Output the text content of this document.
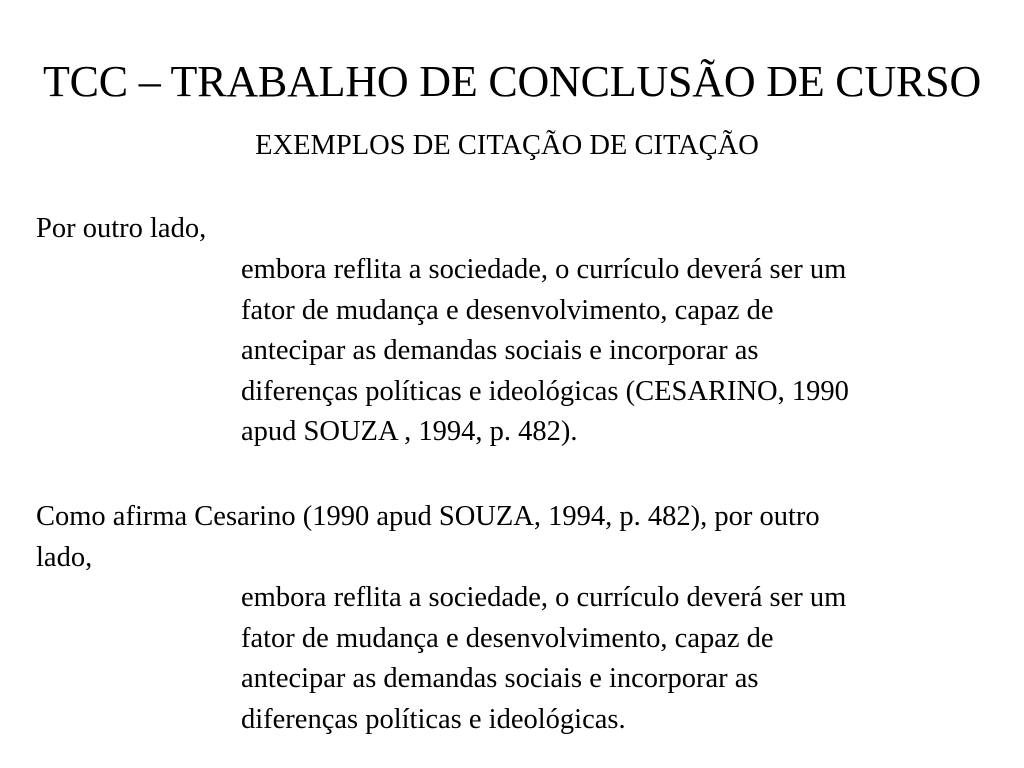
TCC – TRABALHO DE CONCLUSÃO DE CURSO
EXEMPLOS DE CITAÇÃO DE CITAÇÃO
Por outro lado,
embora reflita a sociedade, o currículo deverá ser um
fator de mudança e desenvolvimento, capaz de
antecipar as demandas sociais e incorporar as
diferenças políticas e ideológicas (CESARINO, 1990
apud SOUZA , 1994, p. 482).
Como afirma Cesarino (1990 apud SOUZA, 1994, p. 482), por outro
lado,
embora reflita a sociedade, o currículo deverá ser um
fator de mudança e desenvolvimento, capaz de
antecipar as demandas sociais e incorporar as
diferenças políticas e ideológicas.
